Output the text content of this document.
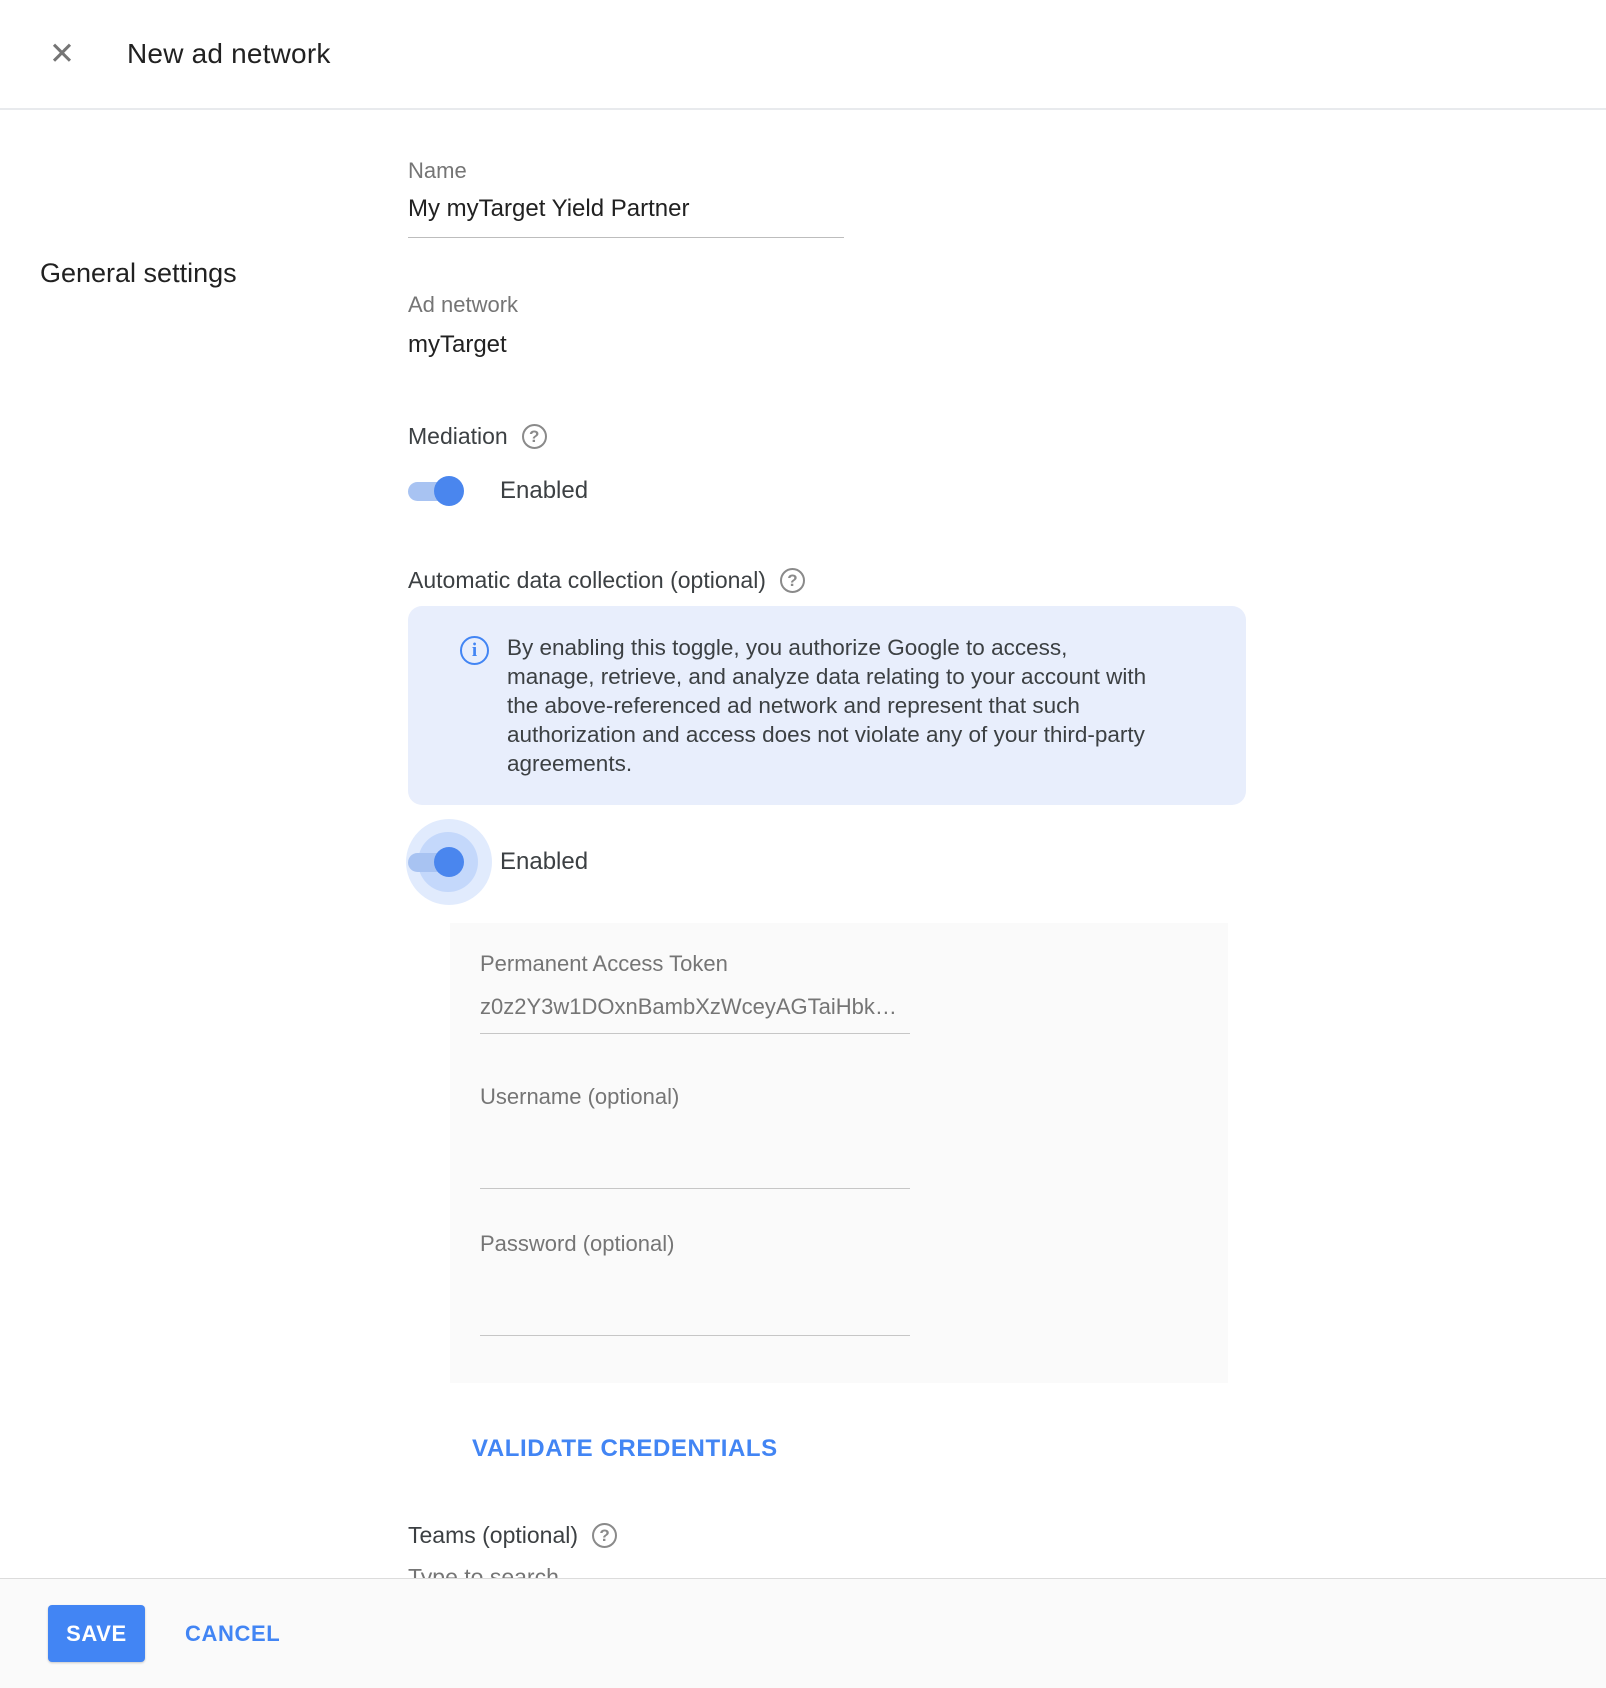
✕ New ad network
General settings
Name
My myTarget Yield Partner
Ad network
myTarget
Mediation	?
Enabled
Automatic data collection (optional)	?
i	By enabling this toggle, you authorize Google to access, manage, retrieve, and analyze data relating to your account with the above-referenced ad network and represent that such authorization and access does not violate any of your third-party agreements.
Enabled
Permanent Access Token
z0z2Y3w1DOxnBambXzWceyAGTaiHbk…
Username (optional)
Password (optional)
VALIDATE CREDENTIALS
Teams (optional)	?
Type to search
SAVE	CANCEL
